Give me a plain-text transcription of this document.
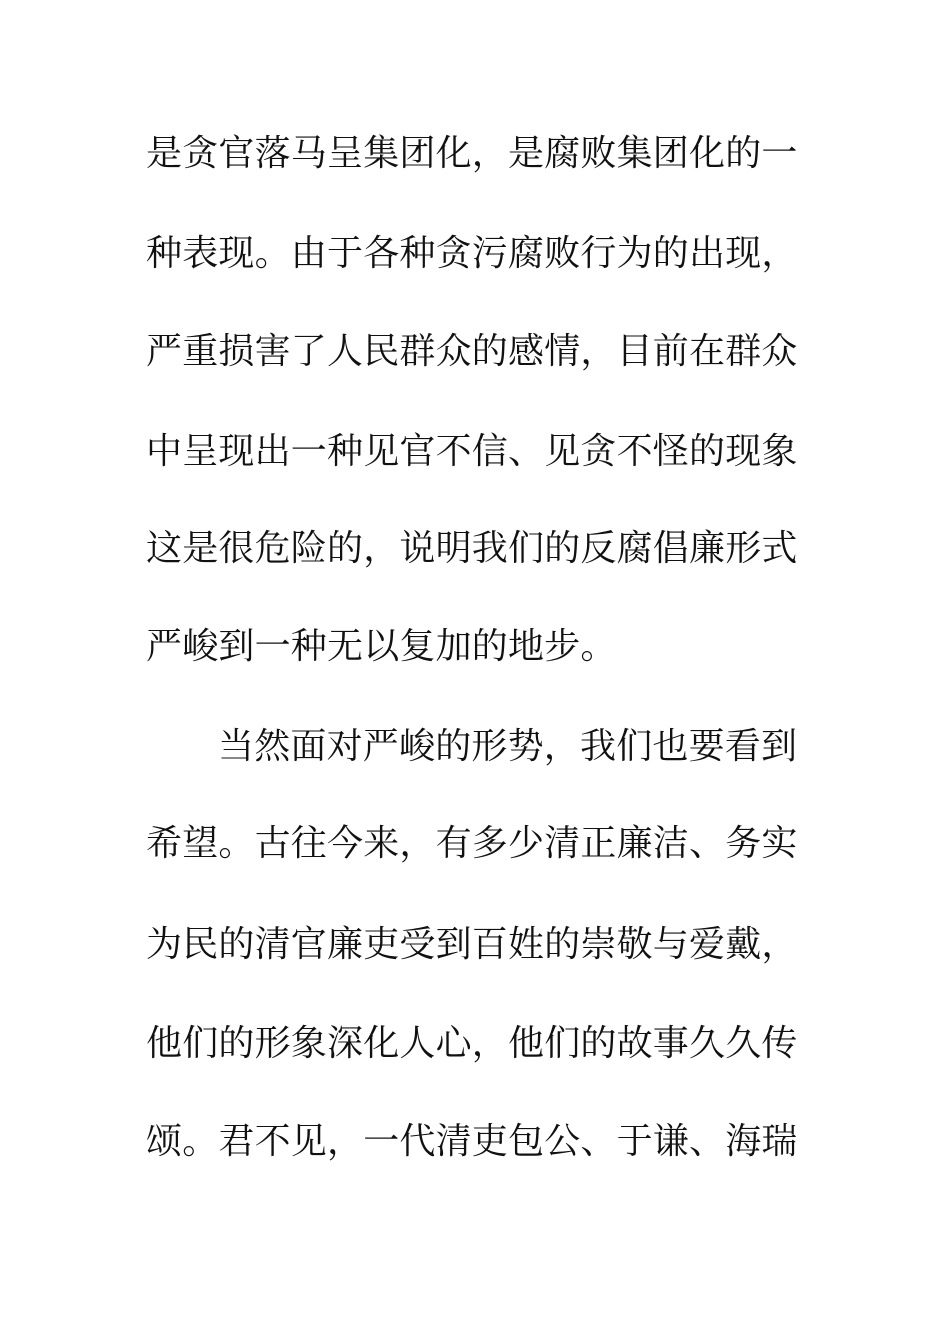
是贪官落马呈集团化，是腐败集团化的一
种表现。由于各种贪污腐败行为的出现，
严重损害了人民群众的感情，目前在群众
中呈现出一种见官不信、见贪不怪的现象
这是很危险的，说明我们的反腐倡廉形式
严峻到一种无以复加的地步。
当然面对严峻的形势，我们也要看到
希望。古往今来，有多少清正廉洁、务实
为民的清官廉吏受到百姓的崇敬与爱戴，
他们的形象深化人心，他们的故事久久传
颂。君不见，一代清吏包公、于谦、海瑞
